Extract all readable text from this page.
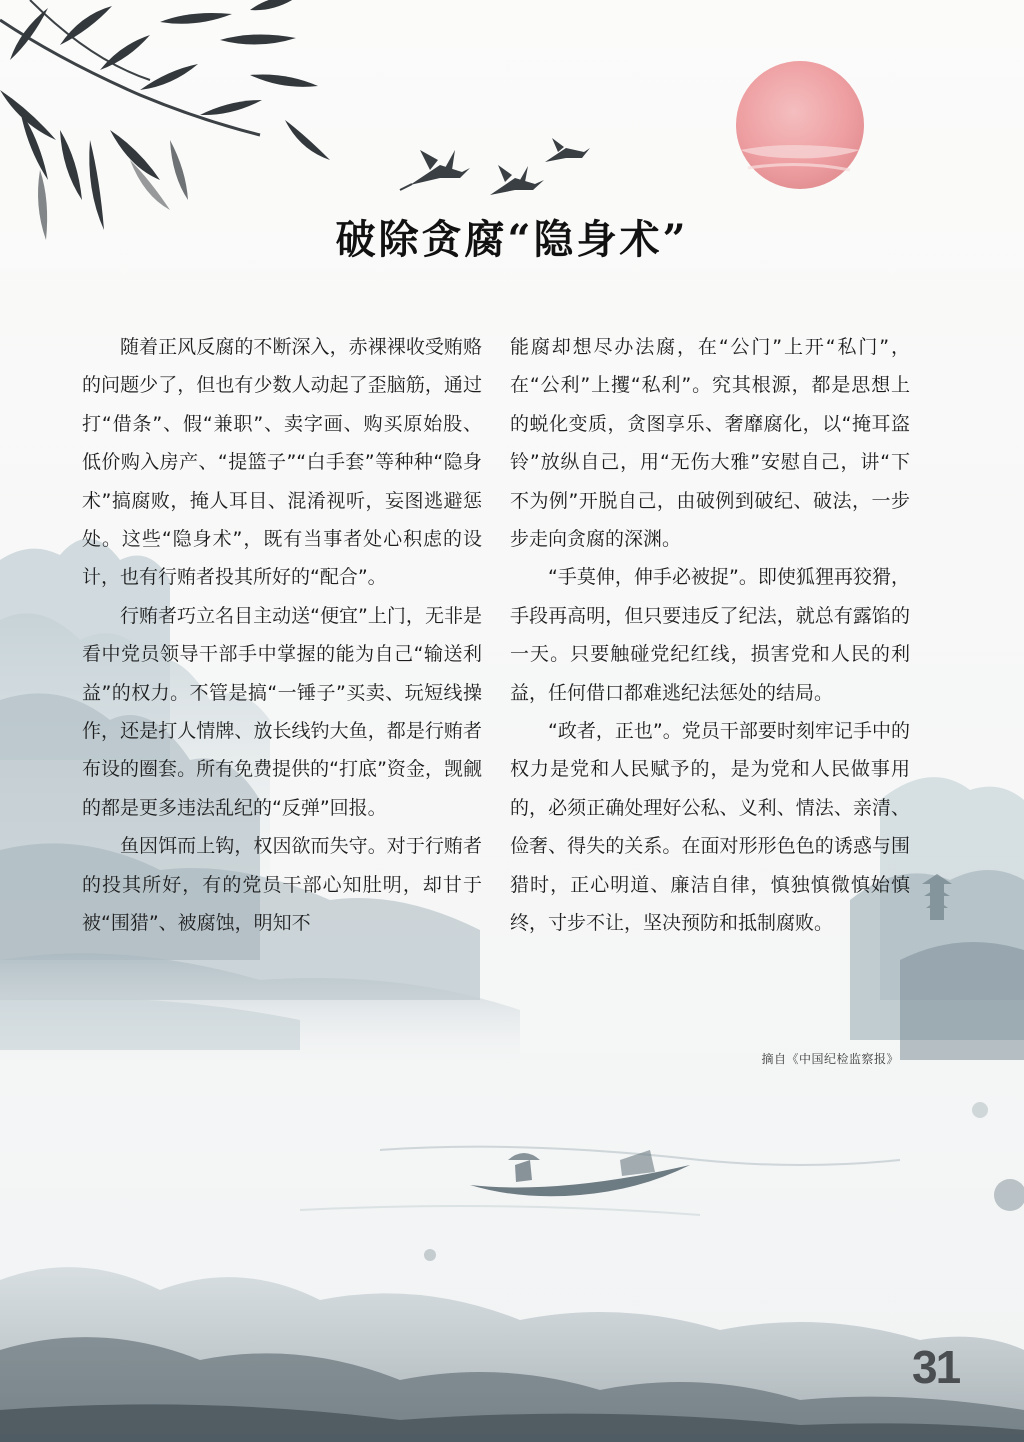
破除贪腐“隐身术”

随着正风反腐的不断深入，赤裸裸收受贿赂的问题少了，但也有少数人动起了歪脑筋，通过打“借条”、假“兼职”、卖字画、购买原始股、低价购入房产、“提篮子”“白手套”等种种“隐身术”搞腐败，掩人耳目、混淆视听，妄图逃避惩处。这些“隐身术”，既有当事者处心积虑的设计，也有行贿者投其所好的“配合”。

行贿者巧立名目主动送“便宜”上门，无非是看中党员领导干部手中掌握的能为自己“输送利益”的权力。不管是搞“一锤子”买卖、玩短线操作，还是打人情牌、放长线钓大鱼，都是行贿者布设的圈套。所有免费提供的“打底”资金，觊觎的都是更多违法乱纪的“反弹”回报。

鱼因饵而上钩，权因欲而失守。对于行贿者的投其所好，有的党员干部心知肚明，却甘于被“围猎”、被腐蚀，明知不

能腐却想尽办法腐，在“公门”上开“私门”，在“公利”上攫“私利”。究其根源，都是思想上的蜕化变质，贪图享乐、奢靡腐化，以“掩耳盗铃”放纵自己，用“无伤大雅”安慰自己，讲“下不为例”开脱自己，由破例到破纪、破法，一步步走向贪腐的深渊。

“手莫伸，伸手必被捉”。即使狐狸再狡猾，手段再高明，但只要违反了纪法，就总有露馅的一天。只要触碰党纪红线，损害党和人民的利益，任何借口都难逃纪法惩处的结局。

“政者，正也”。党员干部要时刻牢记手中的权力是党和人民赋予的，是为党和人民做事用的，必须正确处理好公私、义利、情法、亲清、俭奢、得失的关系。在面对形形色色的诱惑与围猎时，正心明道、廉洁自律，慎独慎微慎始慎终，寸步不让，坚决预防和抵制腐败。

摘自《中国纪检监察报》
31
